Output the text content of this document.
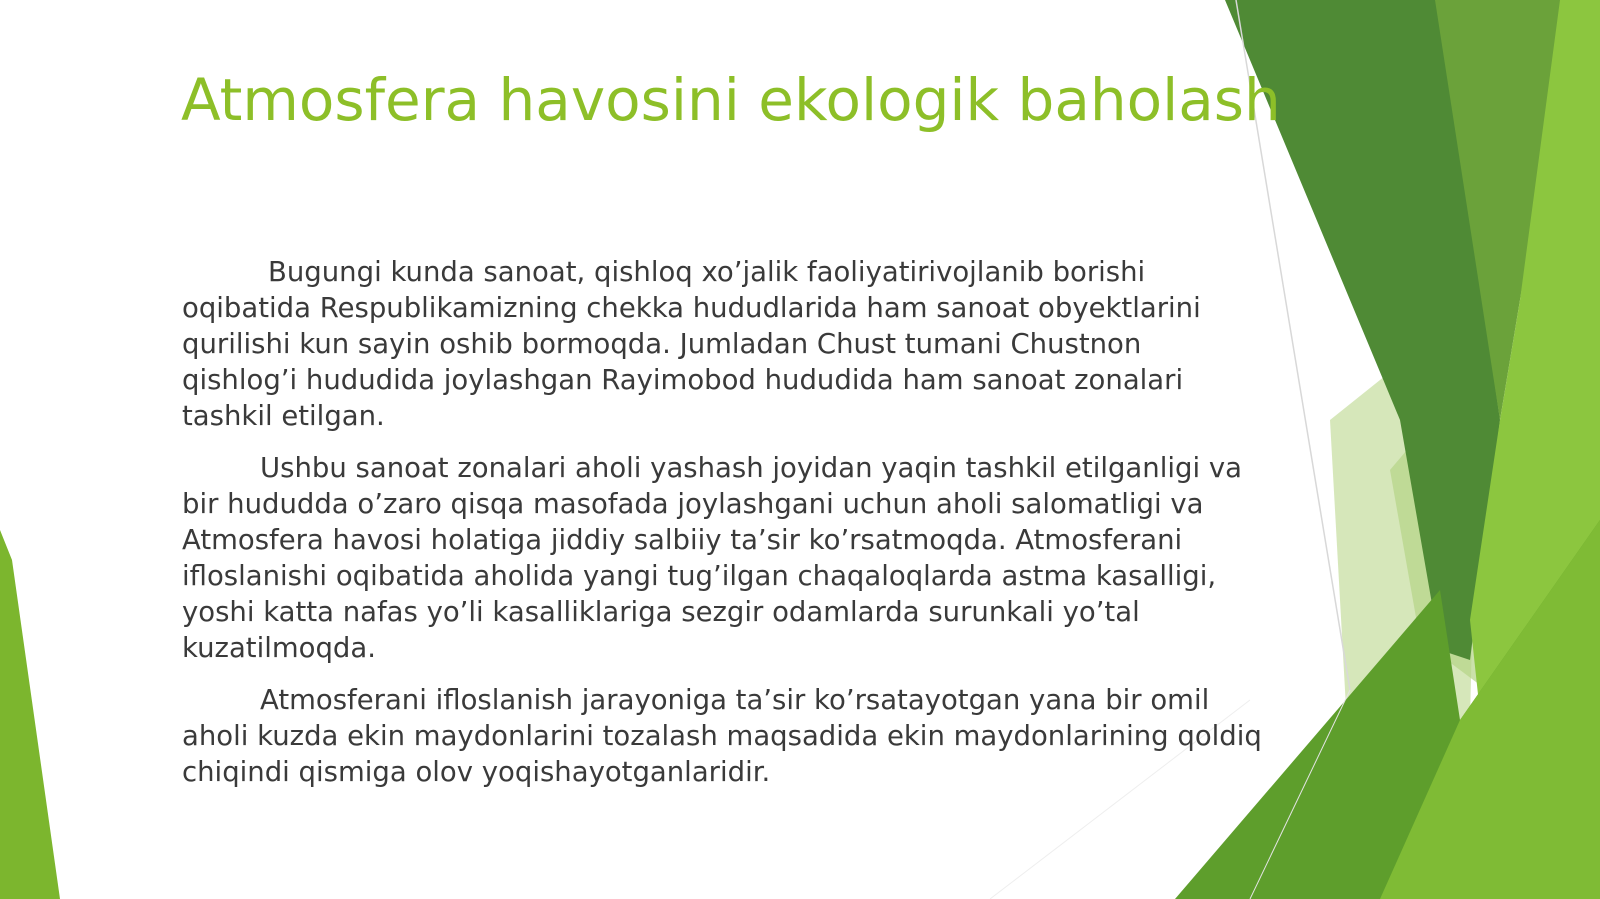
Atmosfera havosini ekologik baholash

Bugungi kunda sanoat, qishloq xo’jalik faoliyatirivojlanib borishi oqibatida Respublikamizning chekka hududlarida ham sanoat obyektlarini qurilishi kun sayin oshib bormoqda. Jumladan Chust tumani Chustnon qishlog’i hududida joylashgan Rayimobod hududida ham sanoat zonalari tashkil etilgan.

Ushbu sanoat zonalari aholi yashash joyidan yaqin tashkil etilganligi va bir hududda o’zaro qisqa masofada joylashgani uchun aholi salomatligi va Atmosfera havosi holatiga jiddiy salbiiy ta’sir ko’rsatmoqda. Atmosferani ifloslanishi oqibatida aholida yangi tug’ilgan chaqaloqlarda astma kasalligi, yoshi katta nafas yo’li kasalliklariga sezgir odamlarda surunkali yo’tal kuzatilmoqda.

Atmosferani ifloslanish jarayoniga ta’sir ko’rsatayotgan yana bir omil aholi kuzda ekin maydonlarini tozalash maqsadida ekin maydonlarining qoldiq chiqindi qismiga olov yoqishayotganlaridir.
